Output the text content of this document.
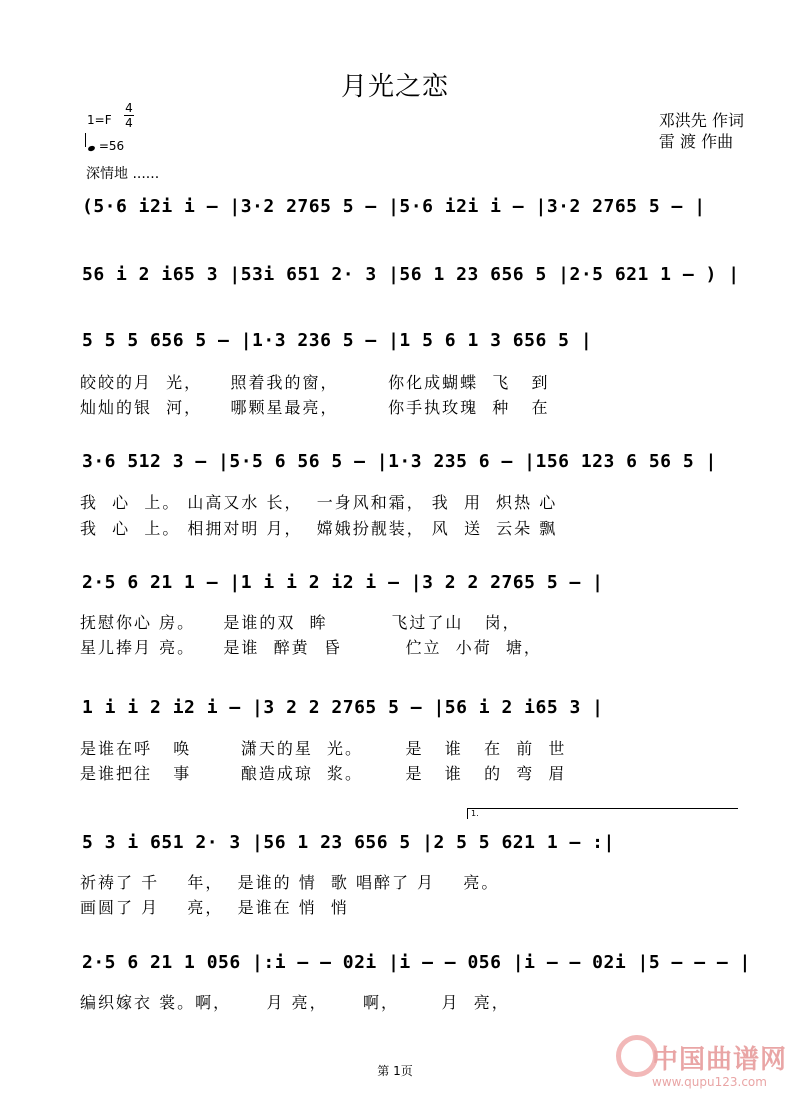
月光之恋
1=F
4
4
=56
深情地 ......
邓洪先 作词
雷 渡 作曲
(5·6 i2i i – |3·2 2765 5 – |5·6 i2i i – |3·2 2765 5 – |
56 i 2 i65 3 |53i 651 2· 3 |56 1 23 656 5 |2·5 621 1 – ) |
5 5 5 656 5 – |1·3 236 5 – |1 5 6 1 3 656 5 |
皎皎的月  光，    照着我的窗，       你化成蝴蝶  飞   到
灿灿的银  河，    哪颗星最亮，       你手执玫瑰  种   在
3·6 512 3 – |5·5 6 56 5 – |1·3 235 6 – |156 123 6 56 5 |
我  心  上。 山高又水 长，  一身风和霜， 我  用  炽热 心
我  心  上。 相拥对明 月，  嫦娥扮靓装， 风  送  云朵 飘
2·5 6 21 1 – |1 i i 2 i2 i – |3 2 2 2765 5 – |
抚慰你心 房。    是谁的双  眸         飞过了山   岗，
星儿捧月 亮。    是谁  醉黄  昏         伫立  小荷  塘，
1 i i 2 i2 i – |3 2 2 2765 5 – |56 i 2 i65 3 |
是谁在呼   唤       潇天的星  光。      是   谁   在  前  世
是谁把往   事       酿造成琼  浆。      是   谁   的  弯  眉
1.
5 3 i 651 2· 3 |56 1 23 656 5 |2 5 5 621 1 – :|
祈祷了 千    年，  是谁的 情  歌 唱醉了 月    亮。
画圆了 月    亮，  是谁在 悄  悄
2·5 6 21 1 056 |:i – – 02i |i – – 056 |i – – 02i |5 – – – |
编织嫁衣 裳。啊，     月 亮，     啊，      月  亮，
第 1页	中国曲谱网
www.qupu123.com
